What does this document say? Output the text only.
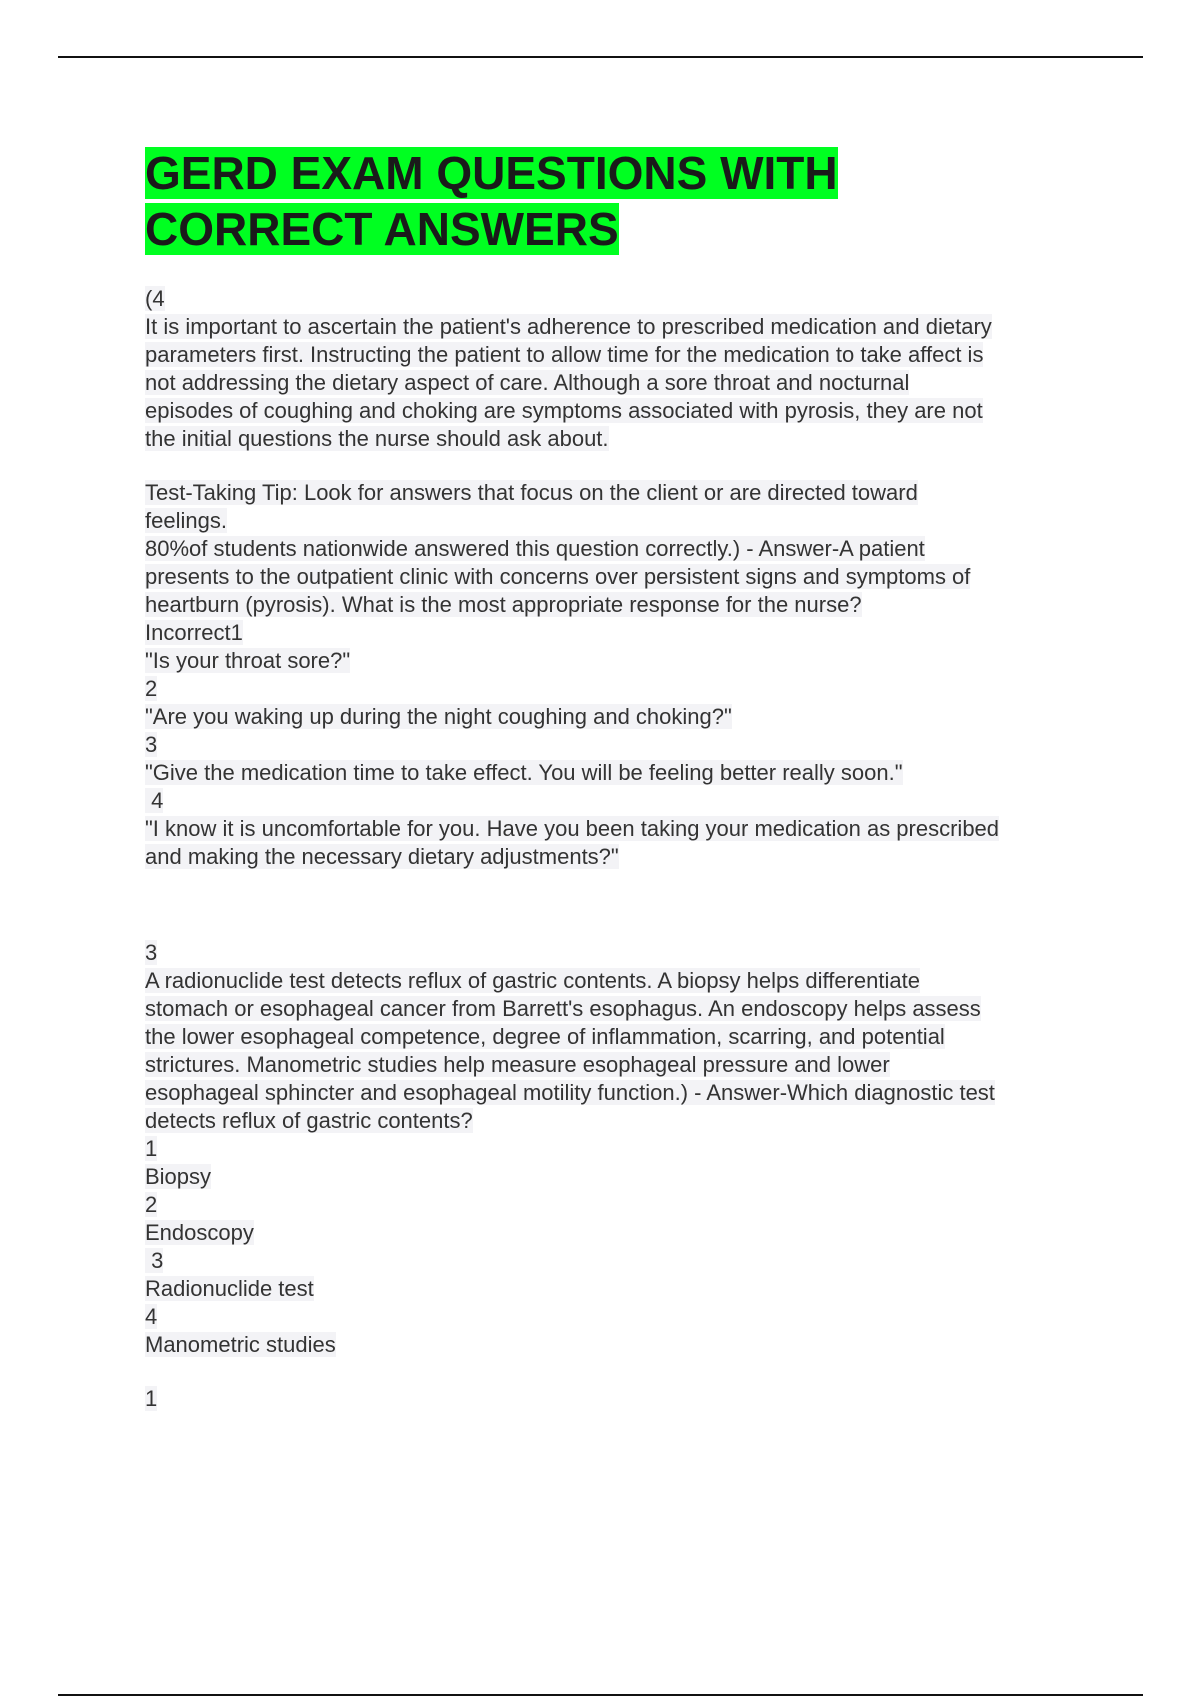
GERD EXAM QUESTIONS WITH
CORRECT ANSWERS
(4
It is important to ascertain the patient's adherence to prescribed medication and dietary
parameters first. Instructing the patient to allow time for the medication to take affect is
not addressing the dietary aspect of care. Although a sore throat and nocturnal
episodes of coughing and choking are symptoms associated with pyrosis, they are not
the initial questions the nurse should ask about.
Test-Taking Tip: Look for answers that focus on the client or are directed toward
feelings.
80%of students nationwide answered this question correctly.) - Answer-A patient
presents to the outpatient clinic with concerns over persistent signs and symptoms of
heartburn (pyrosis). What is the most appropriate response for the nurse?
Incorrect1
"Is your throat sore?"
2
"Are you waking up during the night coughing and choking?"
3
"Give the medication time to take effect. You will be feeling better really soon."
4
"I know it is uncomfortable for you. Have you been taking your medication as prescribed
and making the necessary dietary adjustments?"
3
A radionuclide test detects reflux of gastric contents. A biopsy helps differentiate
stomach or esophageal cancer from Barrett's esophagus. An endoscopy helps assess
the lower esophageal competence, degree of inflammation, scarring, and potential
strictures. Manometric studies help measure esophageal pressure and lower
esophageal sphincter and esophageal motility function.) - Answer-Which diagnostic test
detects reflux of gastric contents?
1
Biopsy
2
Endoscopy
3
Radionuclide test
4
Manometric studies
1
